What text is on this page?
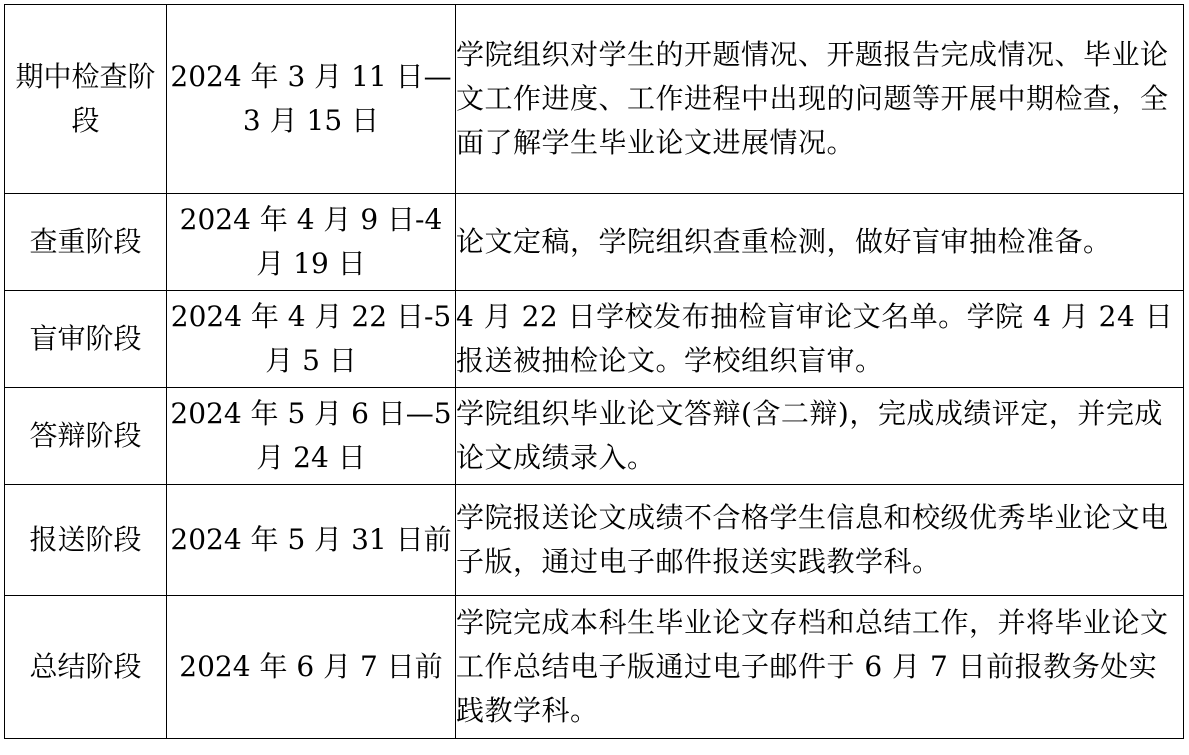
期中检查阶段	2024 年 3 月 11 日—3 月 15 日	学院组织对学生的开题情况、开题报告完成情况、毕业论文工作进度、工作进程中出现的问题等开展中期检查，全面了解学生毕业论文进展情况。

查重阶段	2024 年 4 月 9 日-4 月 19 日	论文定稿，学院组织查重检测，做好盲审抽检准备。

盲审阶段	2024 年 4 月 22 日-5 月 5 日	4 月 22 日学校发布抽检盲审论文名单。学院 4 月 24 日报送被抽检论文。学校组织盲审。

答辩阶段	2024 年 5 月 6 日—5 月 24 日	学院组织毕业论文答辩(含二辩)，完成成绩评定，并完成论文成绩录入。

报送阶段	2024 年 5 月 31 日前	学院报送论文成绩不合格学生信息和校级优秀毕业论文电子版，通过电子邮件报送实践教学科。

总结阶段	2024 年 6 月 7 日前	学院完成本科生毕业论文存档和总结工作，并将毕业论文工作总结电子版通过电子邮件于 6 月 7 日前报教务处实践教学科。
